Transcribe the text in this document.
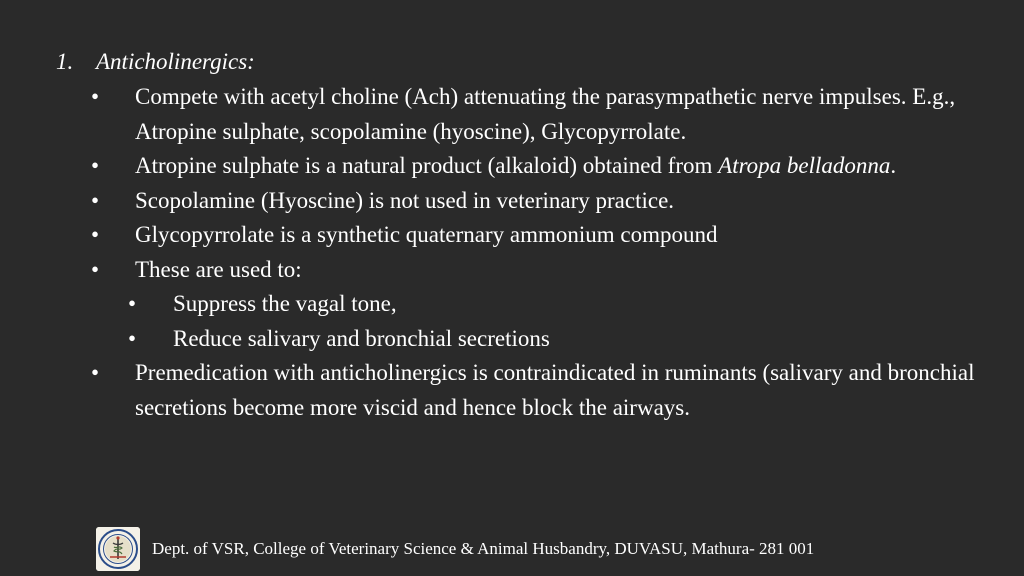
1. Anticholinergics:
• Compete with acetyl choline (Ach) attenuating the parasympathetic nerve impulses. E.g., Atropine sulphate, scopolamine (hyoscine), Glycopyrrolate.
• Atropine sulphate is a natural product (alkaloid) obtained from Atropa belladonna.
• Scopolamine (Hyoscine) is not used in veterinary practice.
• Glycopyrrolate is a synthetic quaternary ammonium compound
• These are used to:
• Suppress the vagal tone,
• Reduce salivary and bronchial secretions
• Premedication with anticholinergics is contraindicated in ruminants (salivary and bronchial secretions become more viscid and hence block the airways.
Dept. of VSR, College of Veterinary Science & Animal Husbandry, DUVASU, Mathura- 281 001
